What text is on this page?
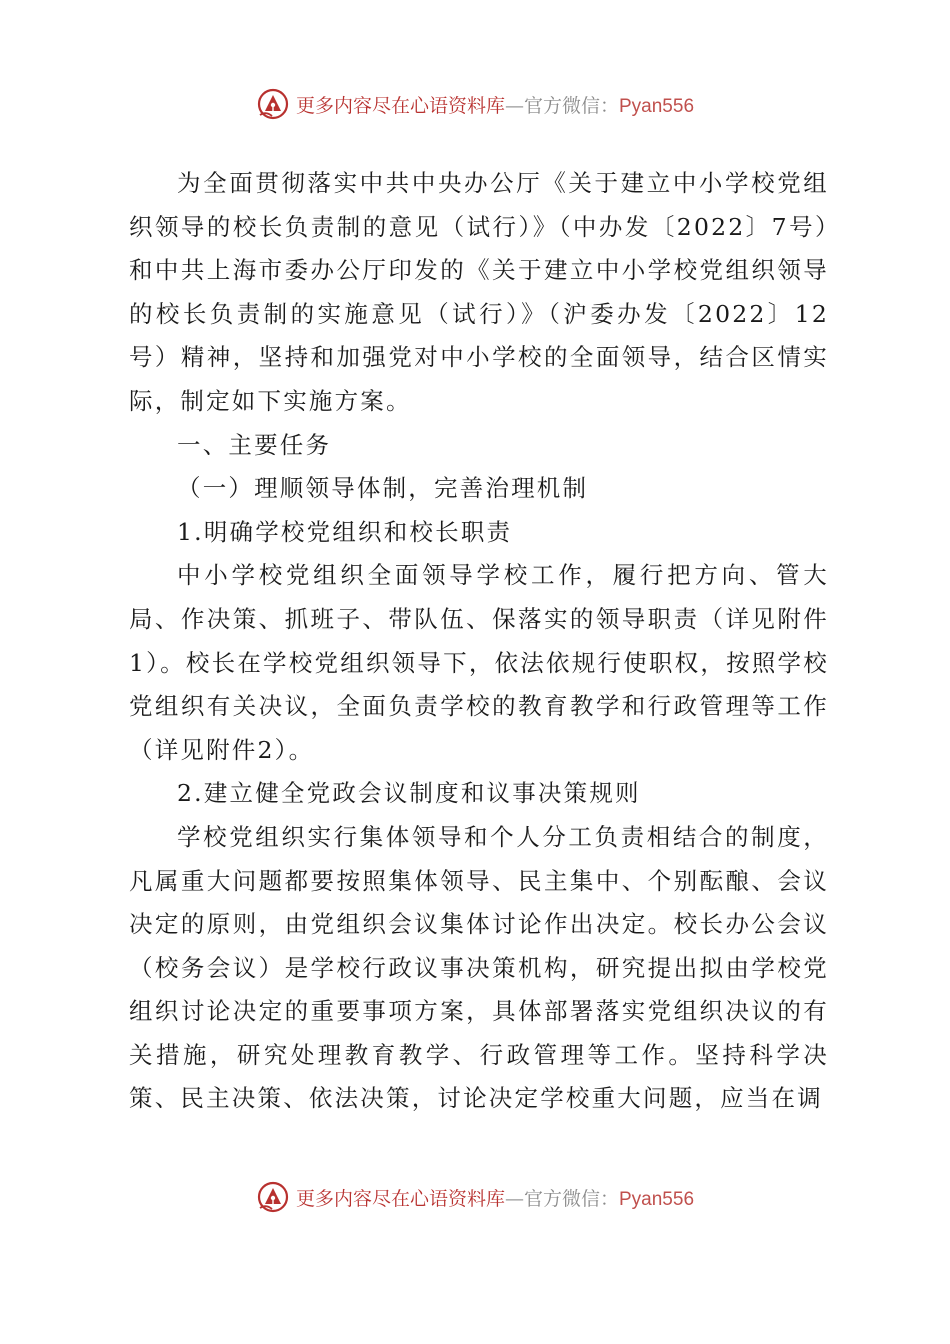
更多内容尽在心语资料库—官方微信：Pyan556

为全面贯彻落实中共中央办公厅《关于建立中小学校党组织领导的校长负责制的意见（试行）》（中办发〔2022〕7号）和中共上海市委办公厅印发的《关于建立中小学校党组织领导的校长负责制的实施意见（试行）》（沪委办发〔2022〕12号）精神，坚持和加强党对中小学校的全面领导，结合区情实际，制定如下实施方案。

一、主要任务

（一）理顺领导体制，完善治理机制

1.明确学校党组织和校长职责

中小学校党组织全面领导学校工作，履行把方向、管大局、作决策、抓班子、带队伍、保落实的领导职责（详见附件1）。校长在学校党组织领导下，依法依规行使职权，按照学校党组织有关决议，全面负责学校的教育教学和行政管理等工作（详见附件2）。

2.建立健全党政会议制度和议事决策规则

学校党组织实行集体领导和个人分工负责相结合的制度，凡属重大问题都要按照集体领导、民主集中、个别酝酿、会议决定的原则，由党组织会议集体讨论作出决定。校长办公会议（校务会议）是学校行政议事决策机构，研究提出拟由学校党组织讨论决定的重要事项方案，具体部署落实党组织决议的有关措施，研究处理教育教学、行政管理等工作。坚持科学决策、民主决策、依法决策，讨论决定学校重大问题，应当在调

更多内容尽在心语资料库—官方微信：Pyan556
